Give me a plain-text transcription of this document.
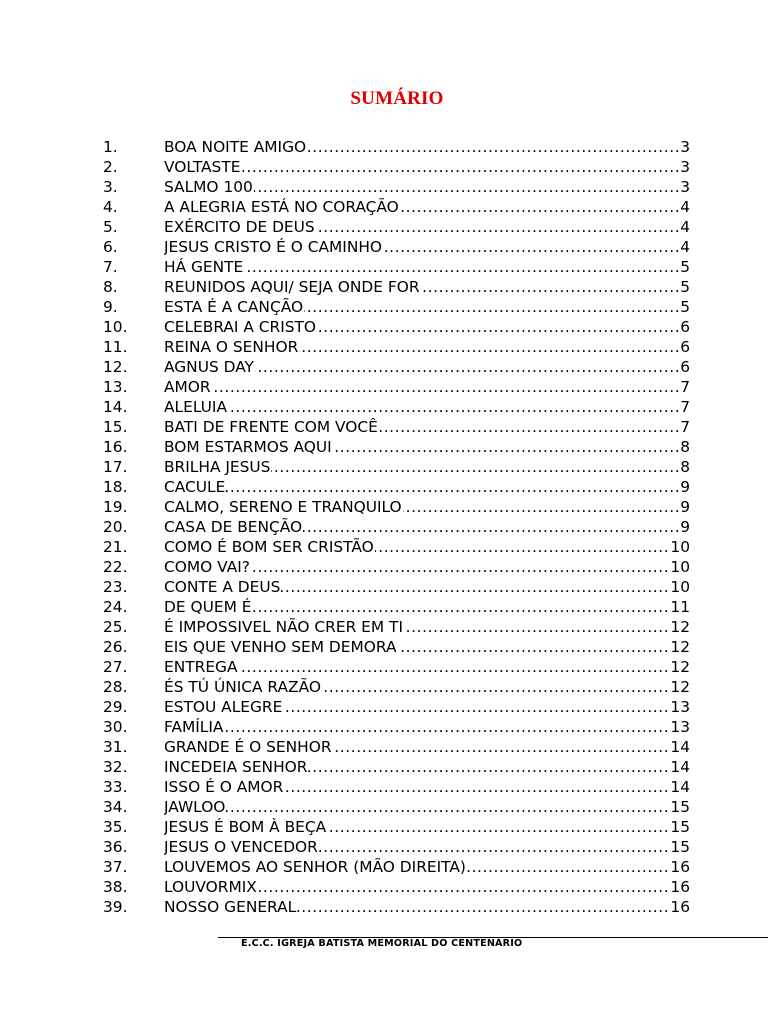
SUMÁRIO
1.	BOA NOITE AMIGO .....	3
2.	VOLTASTE .....	3
3.	SALMO 100 .....	3
4.	A ALEGRIA ESTÁ NO CORAÇÃO .....	4
5.	EXÉRCITO DE DEUS .....	4
6.	JESUS CRISTO É O CAMINHO .....	4
7.	HÁ GENTE .....	5
8.	REUNIDOS AQUI/ SEJA ONDE FOR .....	5
9.	ESTA É A CANÇÃO .....	5
10. CELEBRAI A CRISTO .....	6
11. REINA O SENHOR .....	6
12. AGNUS DAY .....	6
13. AMOR .....	7
14. ALELUIA .....	7
15. BATI DE FRENTE COM VOCÊ .....	7
16. BOM ESTARMOS AQUI .....	8
17. BRILHA JESUS .....	8
18. CACULE .....	9
19. CALMO, SERENO E TRANQUILO .....	9
20. CASA DE BENÇÃO .....	9
21. COMO É BOM SER CRISTÃO .....	10
22. COMO VAI? .....	10
23. CONTE A DEUS .....	10
24. DE QUEM É .....	11
25. É IMPOSSIVEL NÃO CRER EM TI .....	12
26. EIS QUE VENHO SEM DEMORA .....	12
27. ENTREGA .....	12
28. ÉS TÚ ÚNICA RAZÃO .....	12
29. ESTOU ALEGRE .....	13
30. FAMÍLIA .....	13
31. GRANDE É O SENHOR .....	14
32. INCEDEIA SENHOR .....	14
33. ISSO É O AMOR .....	14
34. JAWLOO .....	15
35. JESUS É BOM À BEÇA .....	15
36. JESUS O VENCEDOR .....	15
37. LOUVEMOS AO SENHOR (MÃO DIREITA) .....	16
38. LOUVORMIX .....	16
39. NOSSO GENERAL .....	16
E.C.C. IGREJA BATISTA MEMORIAL DO CENTENÁRIO
